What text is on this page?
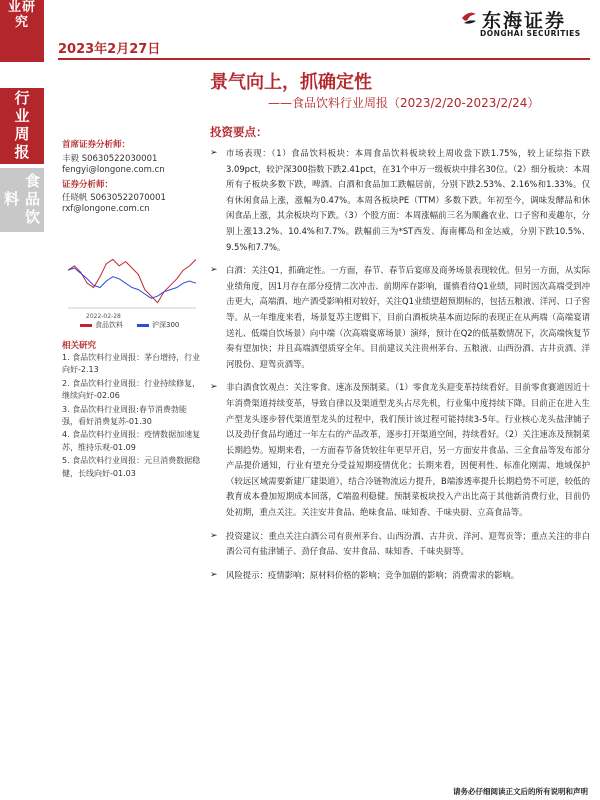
业研究
2023年2月27日
东海证券
DONGHAI SECURITIES
行业周报
食品饮料
景气向上，抓确定性
——食品饮料行业周报（2023/2/20-2023/2/24）
首席证券分析师：
丰毅 S0630522030001
fengyi@longone.com.cn
证券分析师：
任晓帆 S0630522070001
rxf@longone.com.cn
2022-02-28
食品饮料	沪深300
相关研究
1. 食品饮料行业周报：茅台增持，行业向好-2.13
2. 食品饮料行业周报：行业持续修复，继续向好-02.06
3. 食品饮料行业周报:春节消费勃能强，看好消费复苏-01.30
4. 食品饮料行业周报：疫情数据加速复苏，维持乐观-01.09
5. 食品饮料行业周报：元旦消费数据稳健，长线向好-01.03
投资要点：
➢ 市场表现：（1）食品饮料板块：本周食品饮料板块较上周收盘下跌1.75%，较上证综指下跌3.09pct，较沪深300指数下跌2.41pct，在31个申万一级板块中排名30位。（2）细分板块：本周所有子板块多数下跌，啤酒、白酒和食品加工跌幅居前，分别下跌2.53%、2.16%和1.33%。仅有休闲食品上涨，涨幅为0.47%。本周各板块PE（TTM）多数下跌。年初至今，调味发酵品和休闲食品上涨，其余板块均下跌。（3）个股方面：本周涨幅前三名为顺鑫农业、口子窖和麦趣尔，分别上涨13.2%、10.4%和7.7%。跌幅前三为*ST西发、海南椰岛和金达威，分别下跌10.5%、9.5%和7.7%。
➢ 白酒：关注Q1，抓确定性。一方面，春节、春节后宴席及商务场景表现较优。但另一方面，从实际业绩角度，因1月存在部分疫情二次冲击、前期库存影响，谨慎看待Q1业绩，同时因次高端受到冲击更大，高端酒、地产酒受影响相对较好，关注Q1业绩望超预期标的，包括五粮液、洋河、口子窖等。从一年维度来看，场景复苏主逻辑下，目前白酒板块基本面边际的表现正在从两端（高端宴请送礼、低端自饮场景）向中端（次高端宴席场景）演绎，预计在Q2的低基数情况下，次高端恢复节奏有望加快；并且高端酒望质穿全年。目前建议关注贵州茅台、五粮液、山西汾酒、古井贡酒、洋河股份、迎驾贡酒等。
➢ 非白酒食饮观点：关注零食、速冻及预制菜。（1）零食龙头迎变革持续看好。目前零食赛道因近十年消费渠道持续变革，导致自律以及渠道型龙头占尽先机，行业集中度持续下降。目前正在进入生产型龙头逐步替代渠道型龙头的过程中，我们预计该过程可能持续3-5年。行业核心龙头盐津铺子以及劲仔食品均通过一年左右的产品改革，逐步打开渠道空间，持续看好。（2）关注速冻及预制菜长期趋势。短期来看，一方面春节备货较往年更早开启，另一方面安井食品、三全食品等发布部分产品提价通知，行业有望充分受益短期疫情优化；长期来看，因便利性、标准化刚需、地域保护（较远区域需要新建厂建渠道），结合冷链物流运力提升，B端渗透率提升长期趋势不可逆，较低的教育成本叠加短期成本回落，C端盈利稳健。预制菜板块投入产出比高于其他新消费行业，目前仍处初期，重点关注。关注安井食品、绝味食品、味知香、千味央厨、立高食品等。
➢ 投资建议：重点关注白酒公司有贵州茅台、山西汾酒、古井贡、洋河、迎驾贡等；重点关注的非白酒公司有盐津铺子、劲仔食品、安井食品、味知香、千味央厨等。
➢ 风险提示：疫情影响；原材料价格的影响；竞争加剧的影响；消费需求的影响。
请务必仔细阅读正文后的所有说明和声明
